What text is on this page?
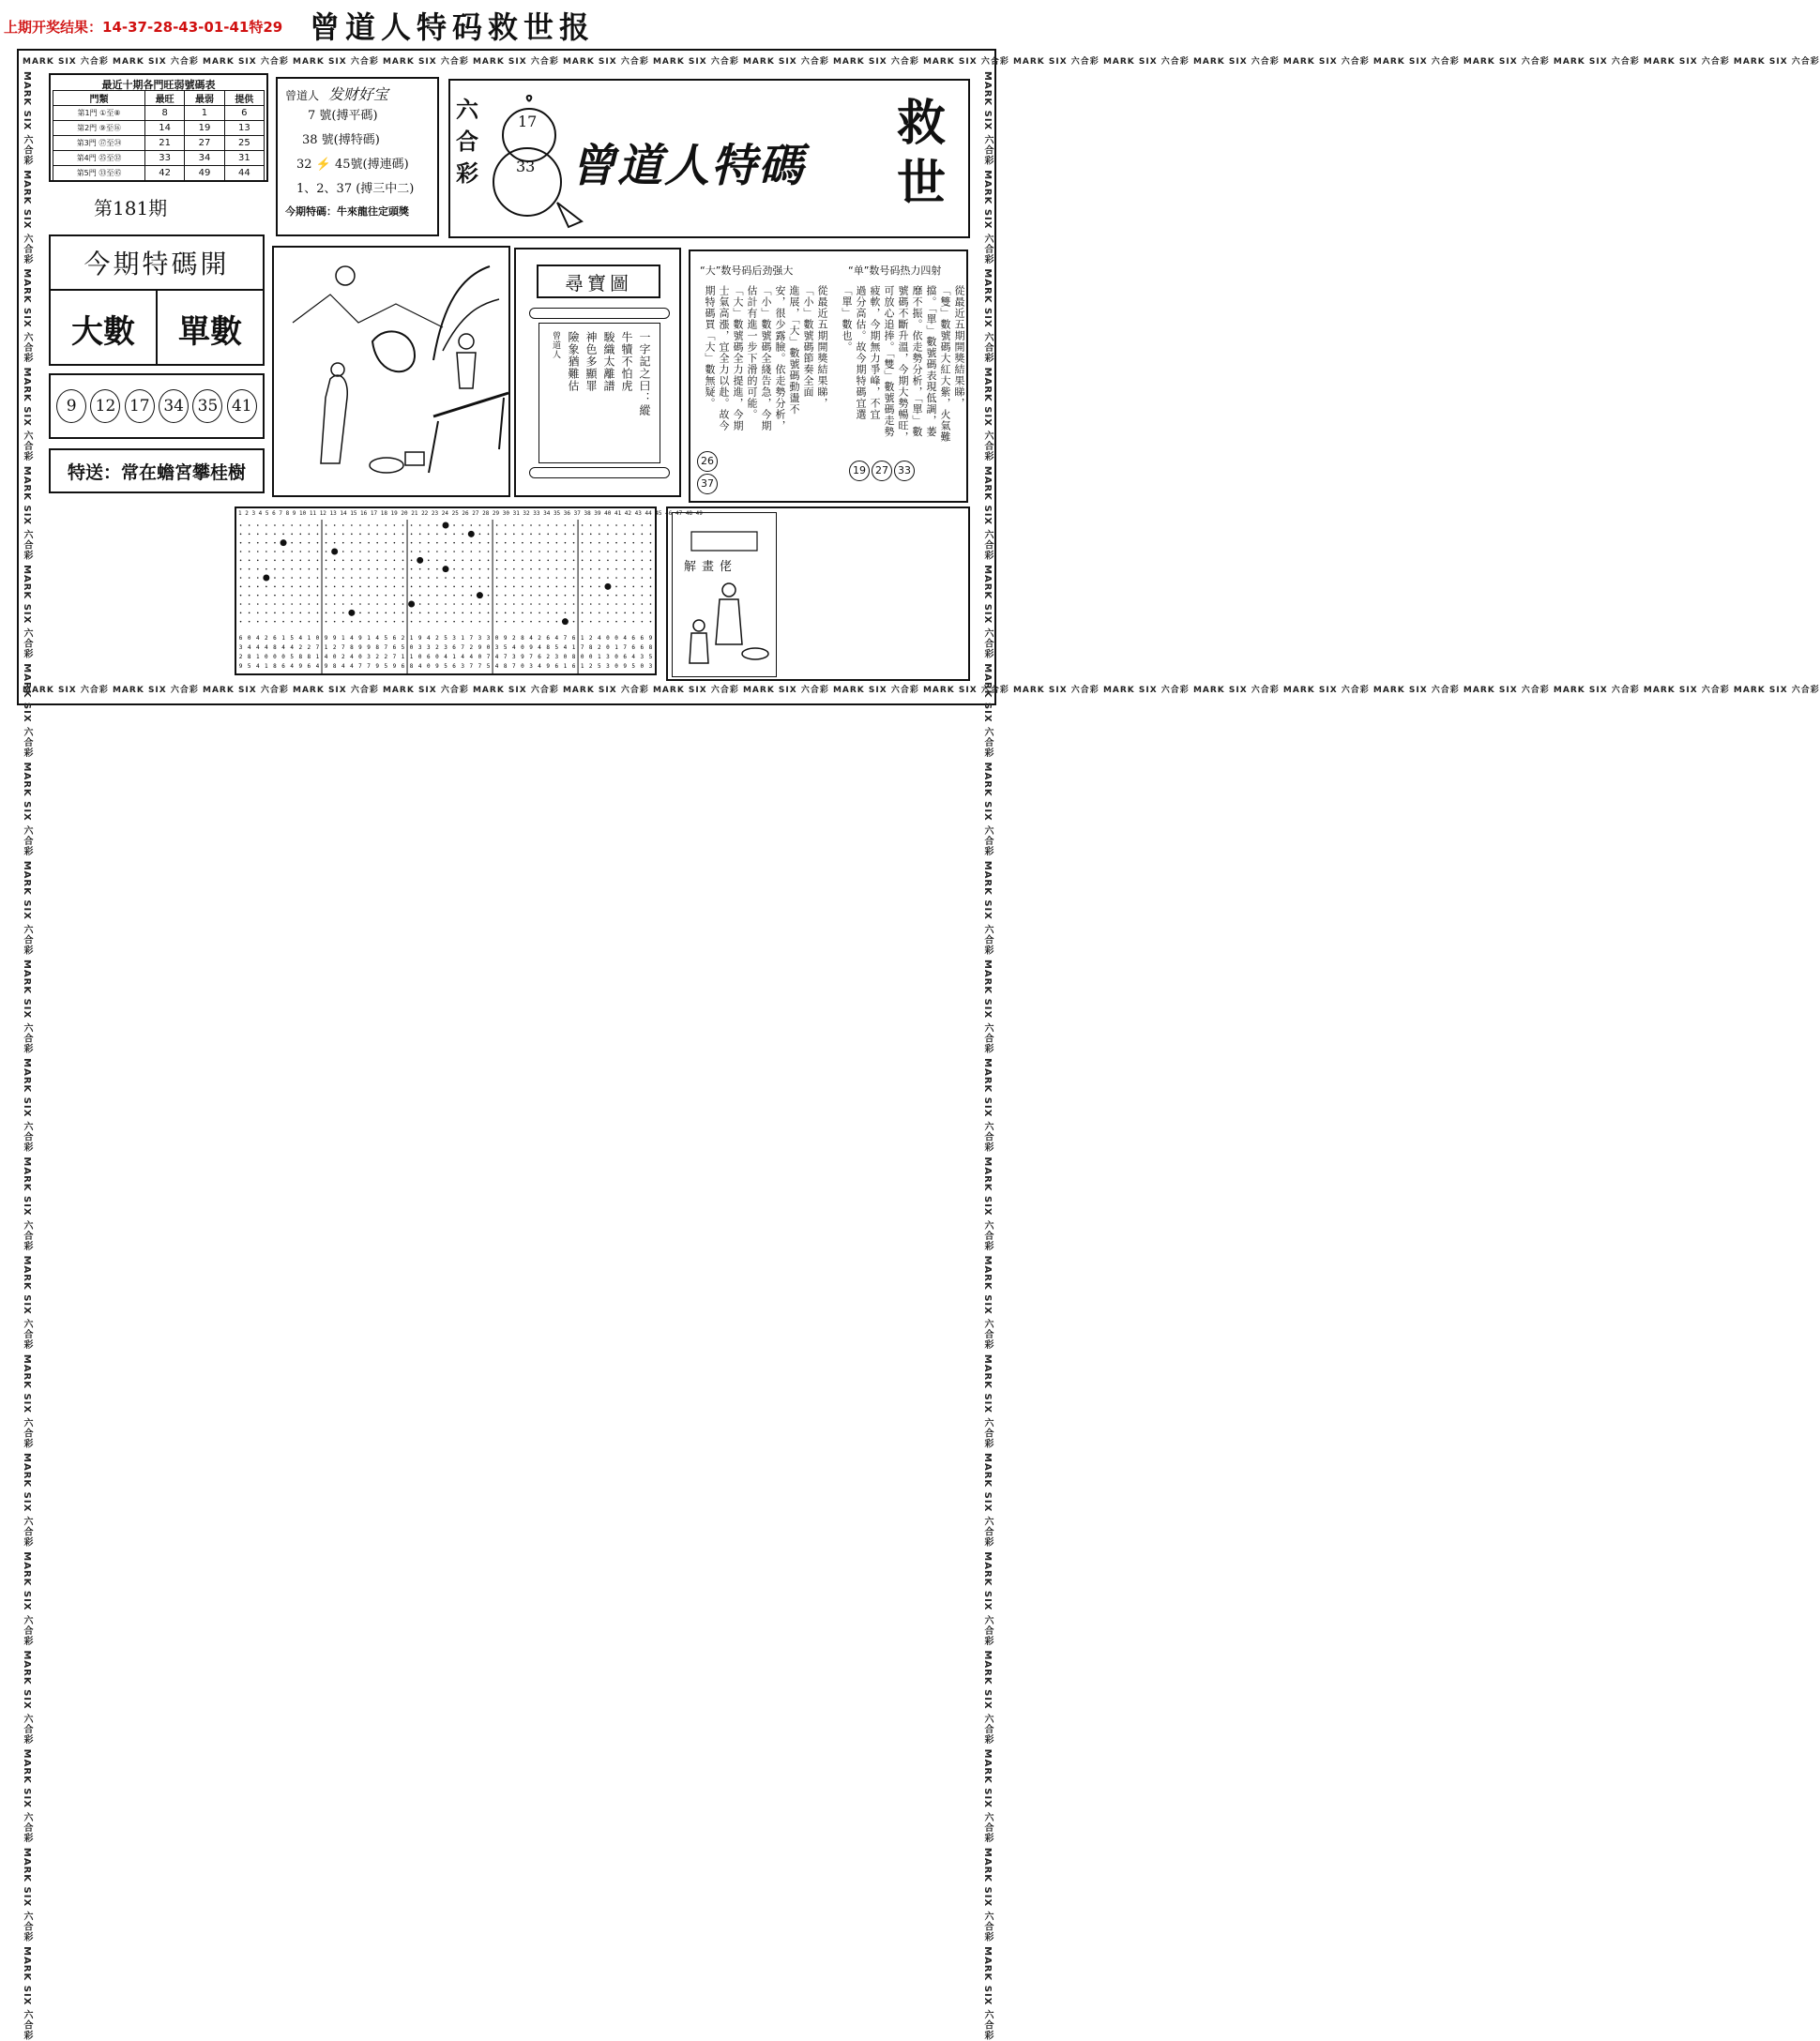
上期开奖结果：14-37-28-43-01-41特29 曾道人特码救世报
MARK SIX 六合彩 MARK SIX 六合彩 MARK SIX 六合彩 MARK SIX 六合彩 MARK SIX 六合彩 MARK SIX 六合彩 MARK SIX 六合彩 MARK SIX 六合彩 MARK SIX 六合彩 MARK SIX 六合彩 MARK SIX 六合彩 MARK SIX 六合彩 MARK SIX 六合彩 MARK SIX 六合彩 MARK SIX 六合彩 MARK SIX 六合彩 MARK SIX 六合彩 MARK SIX 六合彩 MARK SIX 六合彩 MARK SIX 六合彩
MARK SIX 六合彩 MARK SIX 六合彩 MARK SIX 六合彩 MARK SIX 六合彩 MARK SIX 六合彩 MARK SIX 六合彩 MARK SIX 六合彩 MARK SIX 六合彩 MARK SIX 六合彩 MARK SIX 六合彩 MARK SIX 六合彩 MARK SIX 六合彩 MARK SIX 六合彩 MARK SIX 六合彩 MARK SIX 六合彩 MARK SIX 六合彩 MARK SIX 六合彩 MARK SIX 六合彩 MARK SIX 六合彩 MARK SIX 六合彩	MARK SIX 六合彩 MARK SIX 六合彩 MARK SIX 六合彩 MARK SIX 六合彩 MARK SIX 六合彩 MARK SIX 六合彩 MARK SIX 六合彩 MARK SIX 六合彩 MARK SIX 六合彩 MARK SIX 六合彩 MARK SIX 六合彩 MARK SIX 六合彩 MARK SIX 六合彩 MARK SIX 六合彩 MARK SIX 六合彩 MARK SIX 六合彩 MARK SIX 六合彩 MARK SIX 六合彩 MARK SIX 六合彩 MARK SIX 六合彩
最近十期各門旺弱號碼表
門類	最旺	最弱	提供
第1門 ①至⑧	8	1	6
第2門 ⑨至⑯	14	19	13
第3門 ⑰至㉔	21	27	25
第4門 ㉕至㉜	33	34	31
第5門 ㉝至㊺	42	49	44
第181期
曾道人 发财好宝
7 號(搏平碼)
38 號(搏特碼)
32 ⚡ 45號(搏連碼)
1、2、37 (搏三中二)
今期特碼：牛來龍往定頭獎
六合彩
17
33 曾道人特碼
救世
今期特碼開
大數	單數
9	12 17 34 35 41
特送：常在蟾宮攀桂樹
尋寶圖
一字記之曰：縱
牛犢不怕虎
駿織太離譜
神色多顯罪
險象猶難估
曾道人
“大”数号码后劲强大	“单”数号码热力四射
從最近五期開獎結果睇，
「小」數號碼節奏全面
進展，「大」數號碼動盪不
安，很少露臉。依走勢分析，
「小」數號碼全綫告急，今期
估計有進一步下滑的可能。
「大」數號碼全力提進，今期
士氣高漲，宜全力以赴。故今
期特碼買「大」數無疑。	從最近五期開獎結果睇，
「雙」數號碼大紅大紫，火氣難
擋。「單」數號碼表現低調，萎
靡不振。依走勢分析，「單」數
號碼不斷升溫，今期大勢暢旺，
可放心追捧。「雙」數號碼走勢
疲軟，今期無力爭峰，不宜
過分高估。故今期特碼宜選
「單」數也。
26
37

19 27 33
1 2 3 4 5 6 7 8 9 10 11 12 13 14 15 16 17 18 19 20 21 22 23 24 25 26 27 28 29 30 31 32 33 34 35 36 37 38 39 40 41 42 43 44 45 46 47 48 49
6 0 4 2 6 1 5 4 1 0 9 9 1 4 9 1 4 5 6 2 1 9 4 2 5 3 1 7 3 3 0 9 2 8 4 2 6 4 7 6 1 2 4 0 0 4 6 6 9
3 4 4 4 8 4 4 2 2 7 1 2 7 8 9 9 8 7 6 5 0 3 3 2 3 6 7 2 9 0 3 5 4 0 9 4 8 5 4 1 7 8 2 0 1 7 6 6 8
2 8 1 0 0 0 5 8 8 1 4 0 2 4 0 3 2 2 7 1 1 0 6 0 4 1 4 4 0 7 4 7 3 9 7 6 2 3 0 8 0 0 1 3 0 6 4 3 5
9 5 4 1 8 6 4 9 6 4 9 8 4 4 7 7 9 5 9 6 8 4 0 9 5 6 3 7 7 5 4 8 7 0 3 4 9 6 1 6 1 2 5 3 0 9 5 0 3
解畫佬
MARK SIX 六合彩 MARK SIX 六合彩 MARK SIX 六合彩 MARK SIX 六合彩 MARK SIX 六合彩 MARK SIX 六合彩 MARK SIX 六合彩 MARK SIX 六合彩 MARK SIX 六合彩 MARK SIX 六合彩 MARK SIX 六合彩 MARK SIX 六合彩 MARK SIX 六合彩 MARK SIX 六合彩 MARK SIX 六合彩 MARK SIX 六合彩 MARK SIX 六合彩 MARK SIX 六合彩 MARK SIX 六合彩 MARK SIX 六合彩
